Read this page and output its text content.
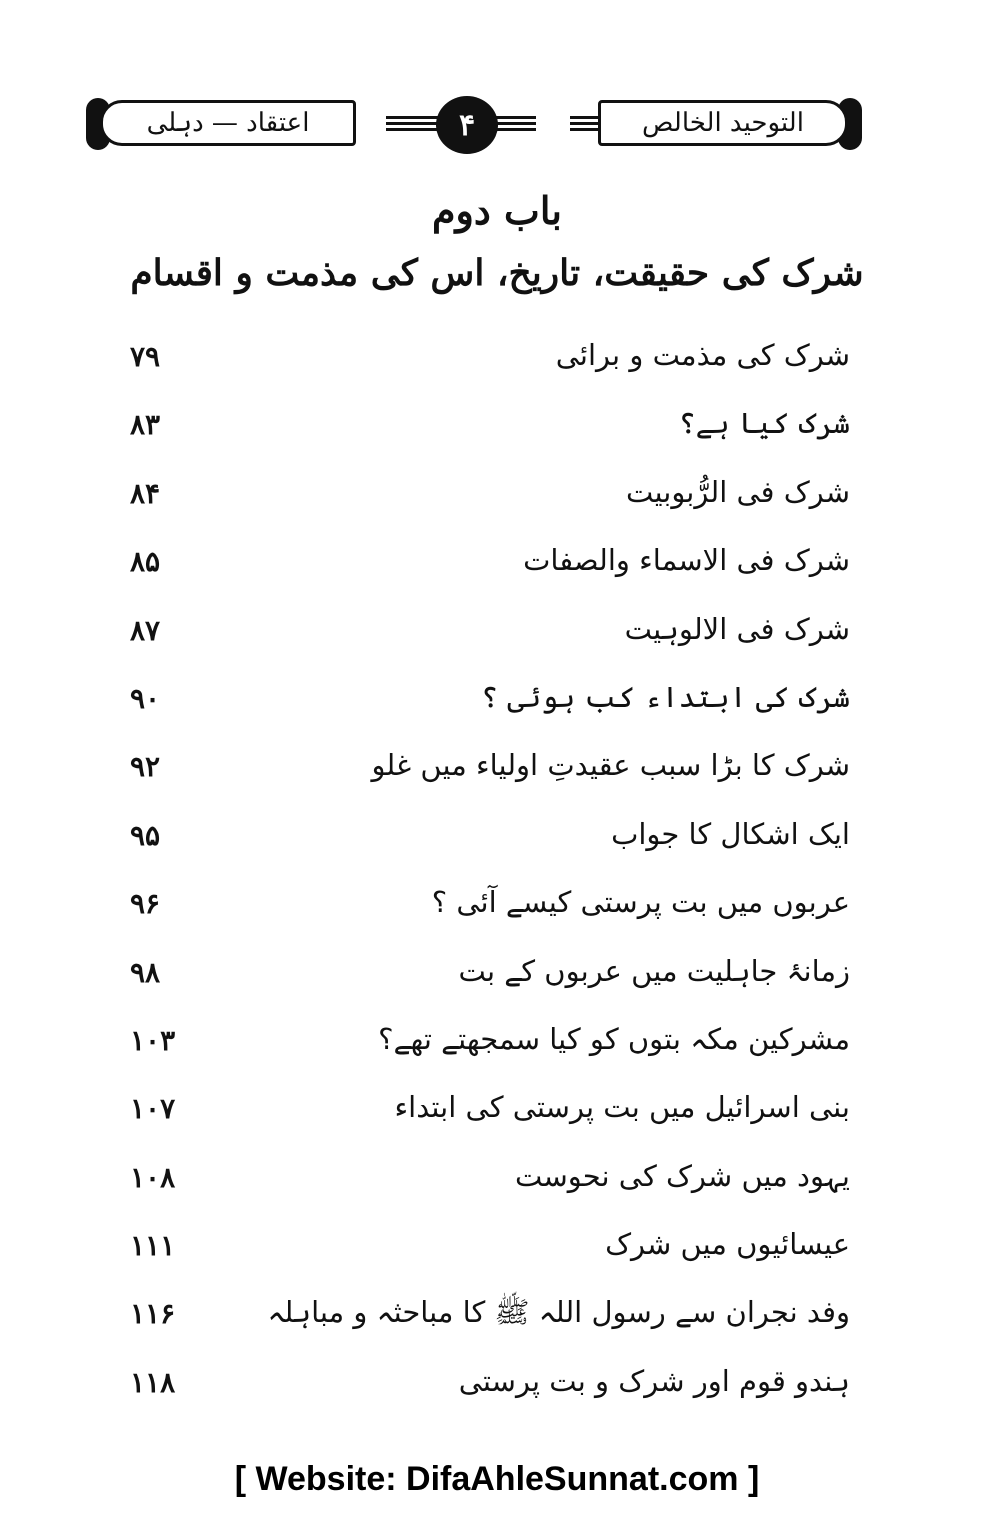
اعتقاد — دہلی	۴	التوحید الخالص
باب دوم
شرک کی حقیقت، تاریخ، اس کی مذمت و اقسام
شرک کی مذمت و برائی
۷۹
شرک کیا ہے؟
۸۳
شرک فی الرُّبوبیت
۸۴
شرک فی الاسماء والصفات
۸۵
شرک فی الالوہیت
۸۷
شرک کی ابتداء کب ہوئی ؟
۹۰
شرک کا بڑا سبب عقیدتِ اولیاء میں غلو
۹۲
ایک اشکال کا جواب
۹۵
عربوں میں بت پرستی کیسے آئی ؟
۹۶
زمانۂ جاہلیت میں عربوں کے بت
۹۸
مشرکین مکہ بتوں کو کیا سمجھتے تھے؟
۱۰۳
بنی اسرائیل میں بت پرستی کی ابتداء
۱۰۷
یہود میں شرک کی نحوست
۱۰۸
عیسائیوں میں شرک
۱۱۱
وفد نجران سے رسول اللہ ﷺ کا مباحثہ و مباہلہ
۱۱۶
ہندو قوم اور شرک و بت پرستی
۱۱۸
[ Website: DifaAhleSunnat.com ]
